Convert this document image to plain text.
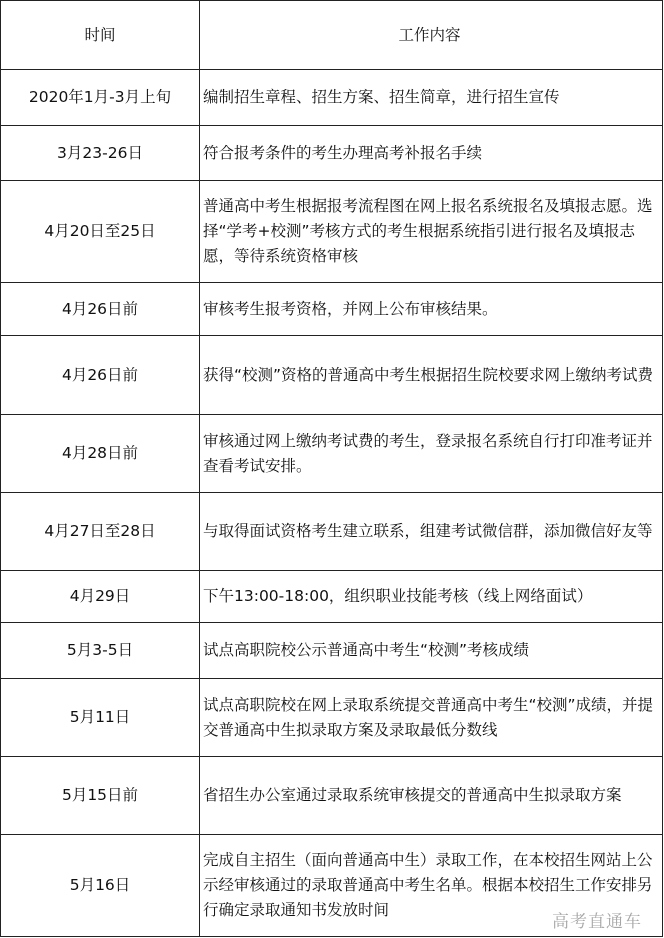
时间	工作内容
2020年1月-3月上旬	编制招生章程、招生方案、招生简章，进行招生宣传
3月23-26日	符合报考条件的考生办理高考补报名手续
4月20日至25日	普通高中考生根据报考流程图在网上报名系统报名及填报志愿。选择“学考+校测”考核方式的考生根据系统指引进行报名及填报志愿，等待系统资格审核
4月26日前	审核考生报考资格，并网上公布审核结果。
4月26日前	获得“校测”资格的普通高中考生根据招生院校要求网上缴纳考试费
4月28日前	审核通过网上缴纳考试费的考生，登录报名系统自行打印准考证并查看考试安排。
4月27日至28日	与取得面试资格考生建立联系，组建考试微信群，添加微信好友等
4月29日	下午13:00-18:00，组织职业技能考核（线上网络面试）
5月3-5日	试点高职院校公示普通高中考生“校测”考核成绩
5月11日	试点高职院校在网上录取系统提交普通高中考生“校测”成绩，并提交普通高中生拟录取方案及录取最低分数线
5月15日前	省招生办公室通过录取系统审核提交的普通高中生拟录取方案
5月16日	完成自主招生（面向普通高中生）录取工作，在本校招生网站上公示经审核通过的录取普通高中考生名单。根据本校招生工作安排另行确定录取通知书发放时间
高考直通车
